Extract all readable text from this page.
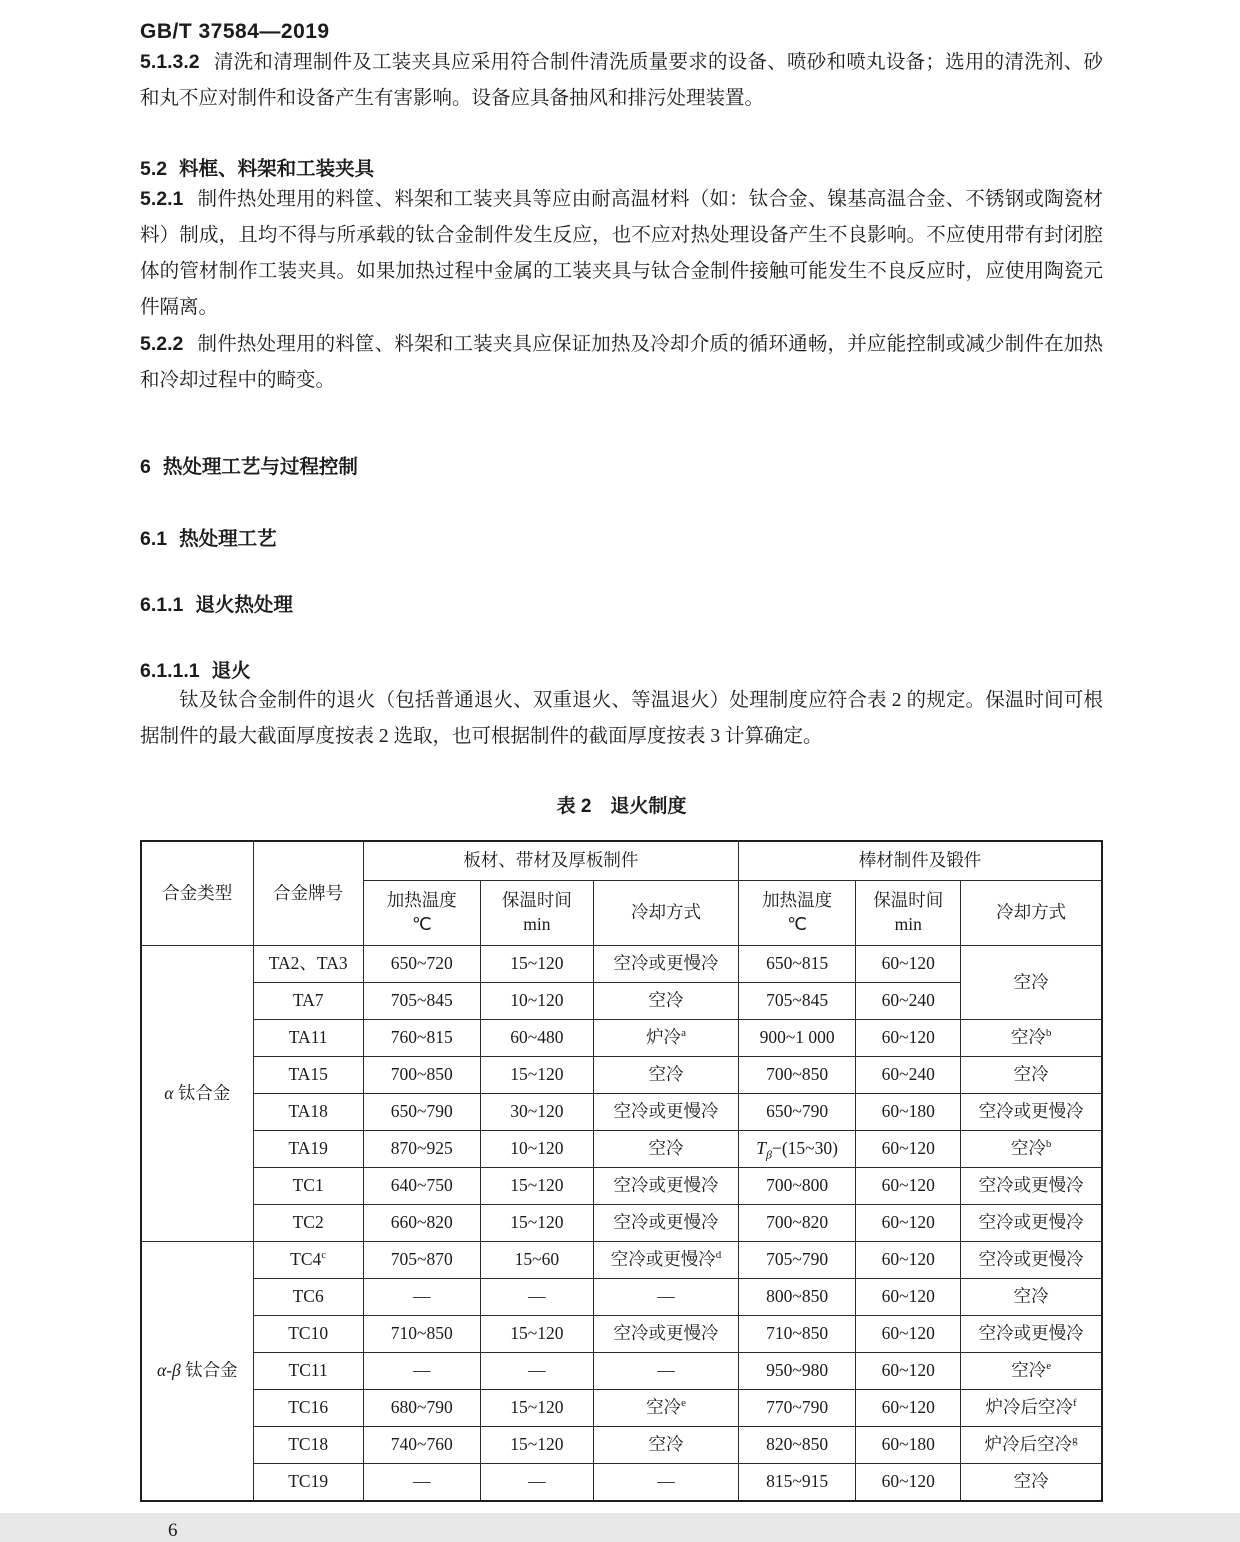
GB/T 37584—2019

5.1.3.2 清洗和清理制件及工装夹具应采用符合制件清洗质量要求的设备、喷砂和喷丸设备；选用的清洗剂、砂和丸不应对制件和设备产生有害影响。设备应具备抽风和排污处理装置。

5.2 料框、料架和工装夹具

5.2.1 制件热处理用的料筐、料架和工装夹具等应由耐高温材料（如：钛合金、镍基高温合金、不锈钢或陶瓷材料）制成，且均不得与所承载的钛合金制件发生反应，也不应对热处理设备产生不良影响。不应使用带有封闭腔体的管材制作工装夹具。如果加热过程中金属的工装夹具与钛合金制件接触可能发生不良反应时，应使用陶瓷元件隔离。

5.2.2 制件热处理用的料筐、料架和工装夹具应保证加热及冷却介质的循环通畅，并应能控制或减少制件在加热和冷却过程中的畸变。

6 热处理工艺与过程控制

6.1 热处理工艺

6.1.1 退火热处理

6.1.1.1 退火

钛及钛合金制件的退火（包括普通退火、双重退火、等温退火）处理制度应符合表 2 的规定。保温时间可根据制件的最大截面厚度按表 2 选取，也可根据制件的截面厚度按表 3 计算确定。

表 2　退火制度

合金类型	合金牌号	板材、带材及厚板制件			棒材制件及锻件		

加热温度
℃

保温时间
min
	冷却方式	
加热温度
℃

保温时间
min
	冷却方式
α 钛合金	TA2、TA3	650~720	15~120	空冷或更慢冷	650~815	60~120	空冷
	TA7	705~845	10~120	空冷	705~845	60~240	
	TA11	760~815	60~480	炉冷$^a$	900~1 000	60~120	空冷$^b$
	TA15	700~850	15~120	空冷	700~850	60~240	空冷
	TA18	650~790	30~120	空冷或更慢冷	650~790	60~180	空冷或更慢冷
	TA19	870~925	10~120	空冷	$T_\beta-(15\sim 30)$	60~120	空冷$^b$
	TC1	640~750	15~120	空冷或更慢冷	700~800	60~120	空冷或更慢冷
	TC2	660~820	15~120	空冷或更慢冷	700~820	60~120	空冷或更慢冷
α-β 钛合金	TC4$^c$	705~870	15~60	空冷或更慢冷$^d$	705~790	60~120	空冷或更慢冷
	TC6	—	—	—	800~850	60~120	空冷
	TC10	710~850	15~120	空冷或更慢冷	710~850	60~120	空冷或更慢冷
	TC11	—	—	—	950~980	60~120	空冷$^e$
	TC16	680~790	15~120	空冷$^e$	770~790	60~120	炉冷后空冷$^f$
	TC18	740~760	15~120	空冷	820~850	60~180	炉冷后空冷$^g$
	TC19	—	—	—	815~915	60~120	空冷
6
